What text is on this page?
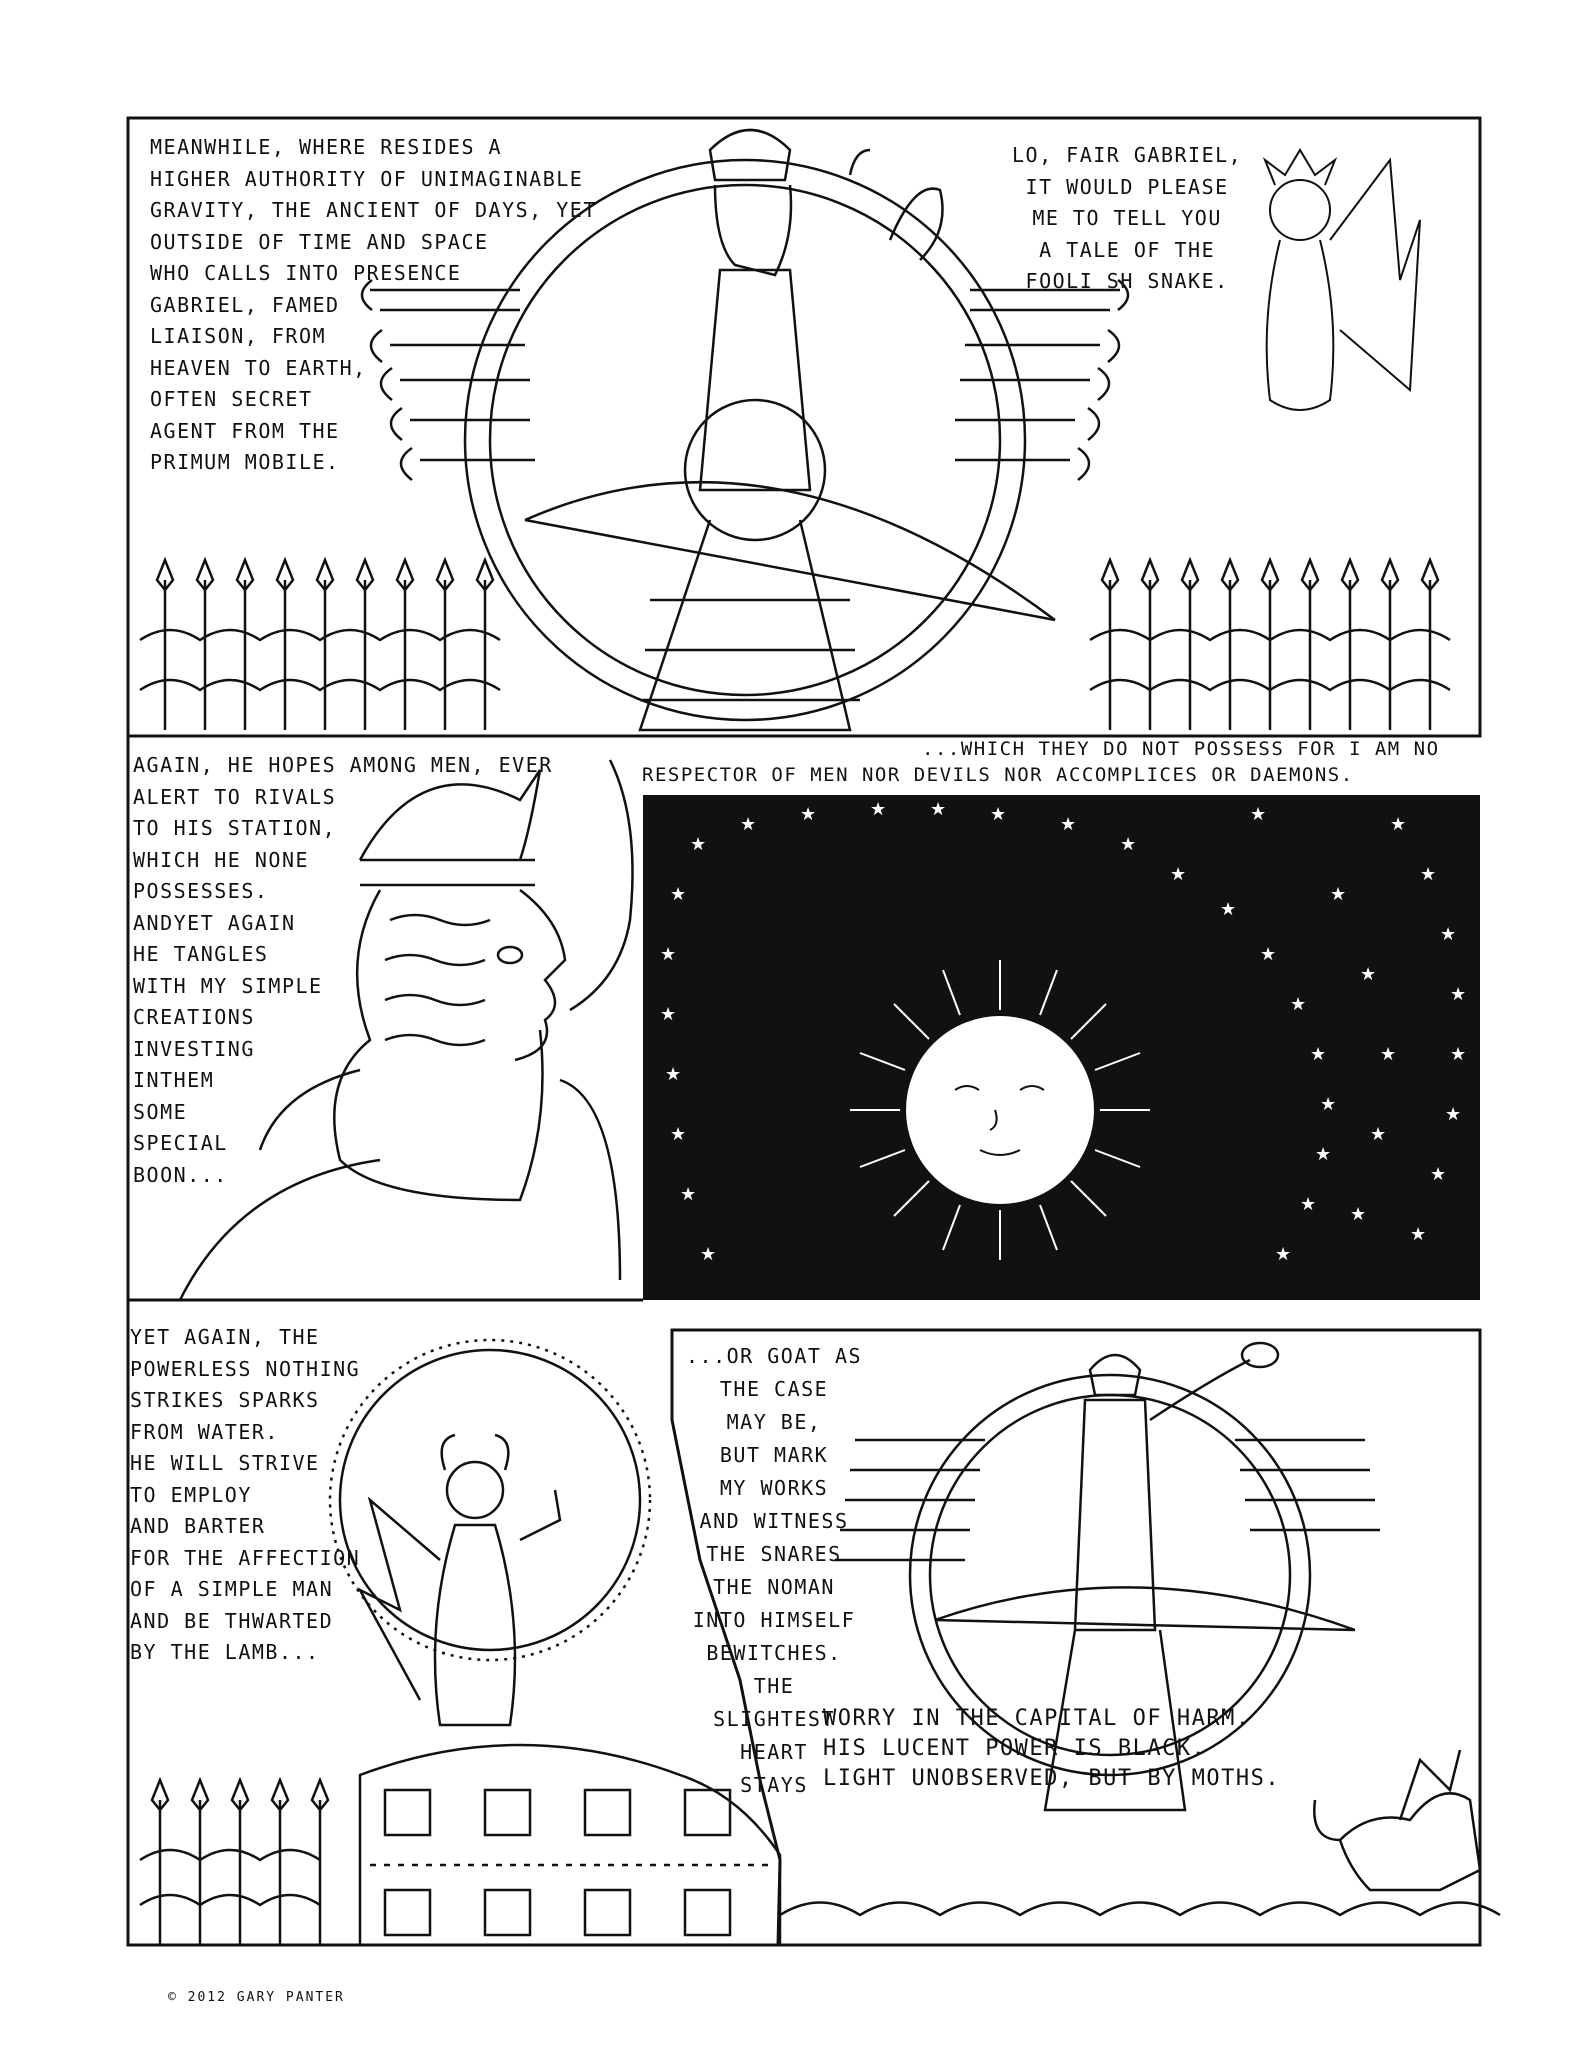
★
★ ★	★ ★ ★	★
★
★
★
★
★
★
★
★
★
★
★
★
★
★
★
★
★
★
★
★
★
★
★
★
★
★
★
★
★
★
★
MEANWHILE, WHERE RESIDES A
HIGHER AUTHORITY OF UNIMAGINABLE
GRAVITY, THE ANCIENT OF DAYS, YET
OUTSIDE OF TIME AND SPACE
WHO CALLS INTO PRESENCE
GABRIEL, FAMED
LIAISON, FROM
HEAVEN TO EARTH,
OFTEN SECRET
AGENT FROM THE
PRIMUM MOBILE.
LO, FAIR GABRIEL,
IT WOULD PLEASE
ME TO TELL YOU
A TALE OF THE
FOOLI SH SNAKE.
AGAIN, HE HOPES AMONG MEN, EVER
ALERT TO RIVALS
TO HIS STATION,
WHICH HE NONE
POSSESSES.
ANDYET AGAIN
HE TANGLES
WITH MY SIMPLE
CREATIONS
INVESTING
INTHEM
SOME
SPECIAL
BOON...
...WHICH THEY DO NOT POSSESS FOR I AM NO
RESPECTOR OF MEN NOR DEVILS NOR ACCOMPLICES OR DAEMONS.
YET AGAIN, THE
POWERLESS NOTHING
STRIKES SPARKS
FROM WATER.
HE WILL STRIVE
TO EMPLOY
AND BARTER
FOR THE AFFECTION
OF A SIMPLE MAN
AND BE THWARTED
BY THE LAMB...
...OR GOAT AS
THE CASE
MAY BE,
BUT MARK
MY WORKS
AND WITNESS
THE SNARES
THE NOMAN
INTO HIMSELF
BEWITCHES.
THE
SLIGHTEST
HEART
STAYS
WORRY IN THE CAPITAL OF HARM.
HIS LUCENT POWER IS BLACK.
LIGHT UNOBSERVED, BUT BY MOTHS.
© 2012 GARY PANTER
